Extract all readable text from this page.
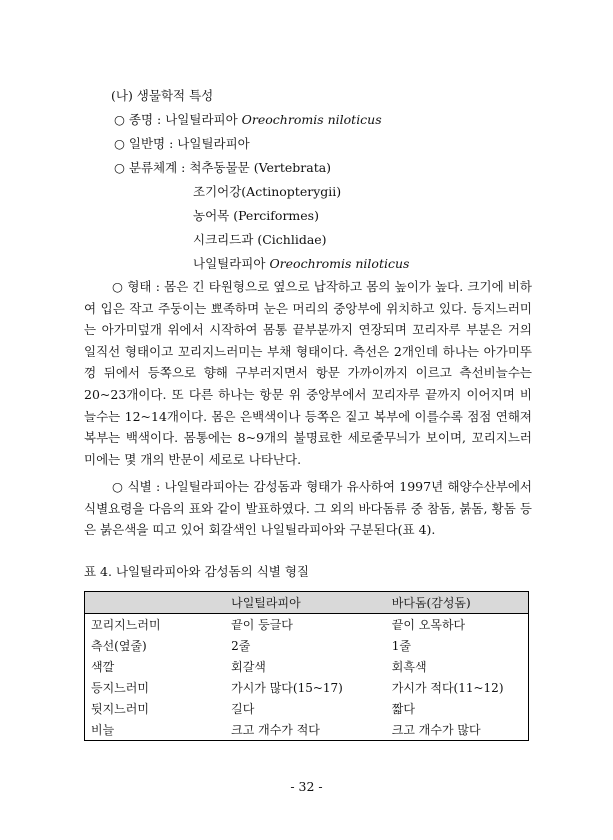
(나) 생물학적 특성
○ 종명 : 나일틸라피아 Oreochromis niloticus
○ 일반명 : 나일틸라피아
○ 분류체계 : 척추동물문 (Vertebrata)
조기어강(Actinopterygii)
농어목 (Perciformes)
시크리드과 (Cichlidae)
나일틸라피아 Oreochromis niloticus
○ 형태 : 몸은 긴 타원형으로 옆으로 납작하고 몸의 높이가 높다. 크기에 비하여 입은 작고 주둥이는 뾰족하며 눈은 머리의 중앙부에 위치하고 있다. 등지느러미는 아가미덮개 위에서 시작하여 몸통 끝부분까지 연장되며 꼬리자루 부분은 거의 일직선 형태이고 꼬리지느러미는 부채 형태이다. 측선은 2개인데 하나는 아가미뚜껑 뒤에서 등쪽으로 향해 구부러지면서 항문 가까이까지 이르고 측선비늘수는 20~23개이다. 또 다른 하나는 항문 위 중앙부에서 꼬리자루 끝까지 이어지며 비늘수는 12~14개이다. 몸은 은백색이나 등쪽은 짙고 복부에 이를수록 점점 연해져 복부는 백색이다. 몸통에는 8~9개의 불명료한 세로줄무늬가 보이며, 꼬리지느러미에는 몇 개의 반문이 세로로 나타난다.
○ 식별 : 나일틸라피아는 감성돔과 형태가 유사하여 1997년 해양수산부에서 식별요령을 다음의 표와 같이 발표하였다. 그 외의 바다돔류 중 참돔, 붉돔, 황돔 등은 붉은색을 띠고 있어 회갈색인 나일틸라피아와 구분된다(표 4).
표 4. 나일틸라피아와 감성돔의 식별 형질
	나일틸라피아	바다돔(감성돔)
꼬리지느러미	끝이 둥글다	끝이 오목하다
측선(옆줄)	2줄	1줄
색깔	회갈색	회흑색
등지느러미	가시가 많다(15~17)	가시가 적다(11~12)
뒷지느러미	길다	짧다
비늘	크고 개수가 적다	크고 개수가 많다
- 32 -
